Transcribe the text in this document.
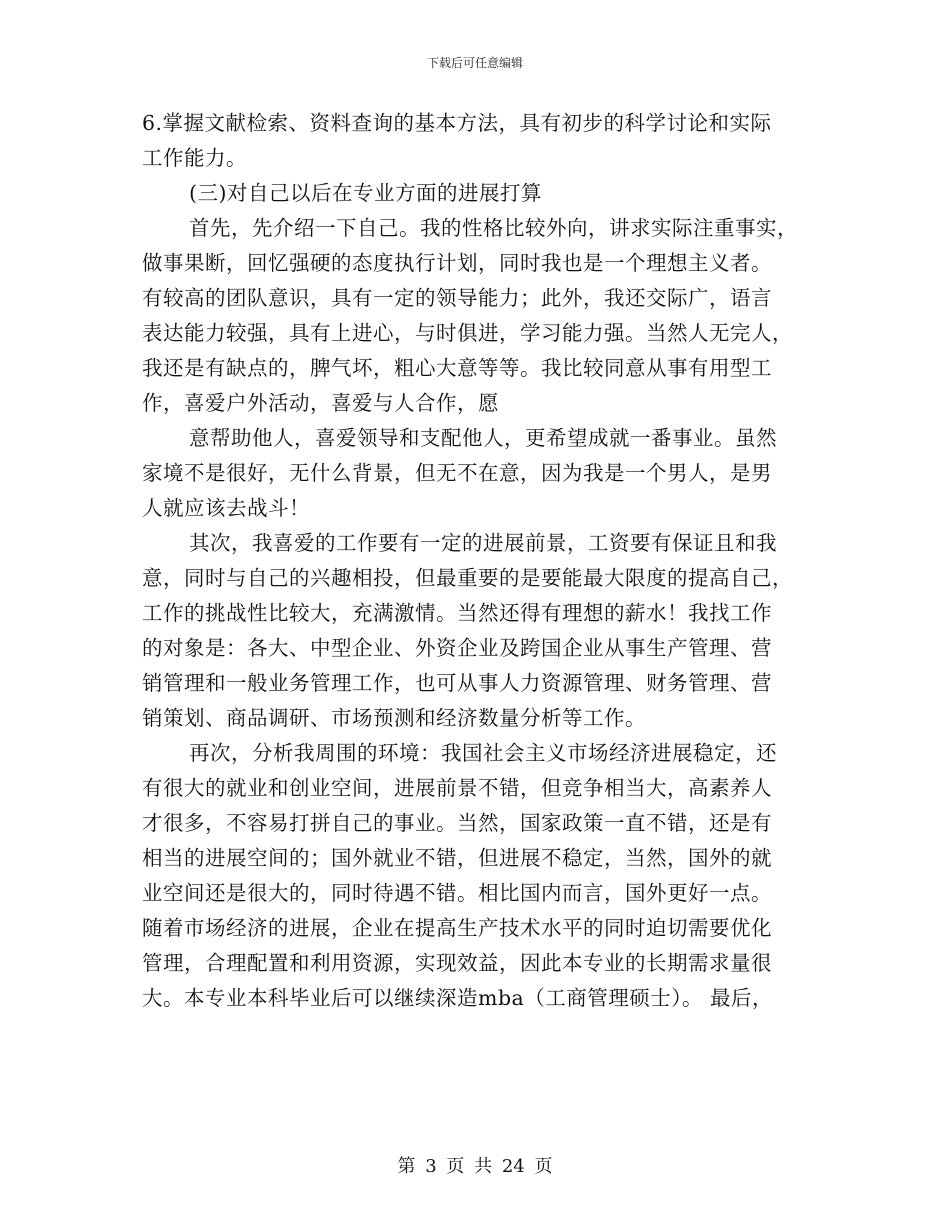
下载后可任意编辑
6.掌握文献检索、资料查询的基本方法，具有初步的科学讨论和实际
工作能力。
(三)对自己以后在专业方面的进展打算
首先，先介绍一下自己。我的性格比较外向，讲求实际注重事实，
做事果断，回忆强硬的态度执行计划，同时我也是一个理想主义者。
有较高的团队意识，具有一定的领导能力；此外，我还交际广，语言
表达能力较强，具有上进心，与时俱进，学习能力强。当然人无完人，
我还是有缺点的，脾气坏，粗心大意等等。我比较同意从事有用型工
作，喜爱户外活动，喜爱与人合作，愿
意帮助他人，喜爱领导和支配他人，更希望成就一番事业。虽然
家境不是很好，无什么背景，但无不在意，因为我是一个男人，是男
人就应该去战斗！
其次，我喜爱的工作要有一定的进展前景，工资要有保证且和我
意，同时与自己的兴趣相投，但最重要的是要能最大限度的提高自己，
工作的挑战性比较大，充满激情。当然还得有理想的薪水！我找工作
的对象是：各大、中型企业、外资企业及跨国企业从事生产管理、营
销管理和一般业务管理工作，也可从事人力资源管理、财务管理、营
销策划、商品调研、市场预测和经济数量分析等工作。
再次，分析我周围的环境：我国社会主义市场经济进展稳定，还
有很大的就业和创业空间，进展前景不错，但竞争相当大，高素养人
才很多，不容易打拼自己的事业。当然，国家政策一直不错，还是有
相当的进展空间的；国外就业不错，但进展不稳定，当然，国外的就
业空间还是很大的，同时待遇不错。相比国内而言，国外更好一点。
随着市场经济的进展，企业在提高生产技术水平的同时迫切需要优化
管理，合理配置和利用资源，实现效益，因此本专业的长期需求量很
大。本专业本科毕业后可以继续深造mba（工商管理硕士）。 最后，
第 3 页 共 24 页
